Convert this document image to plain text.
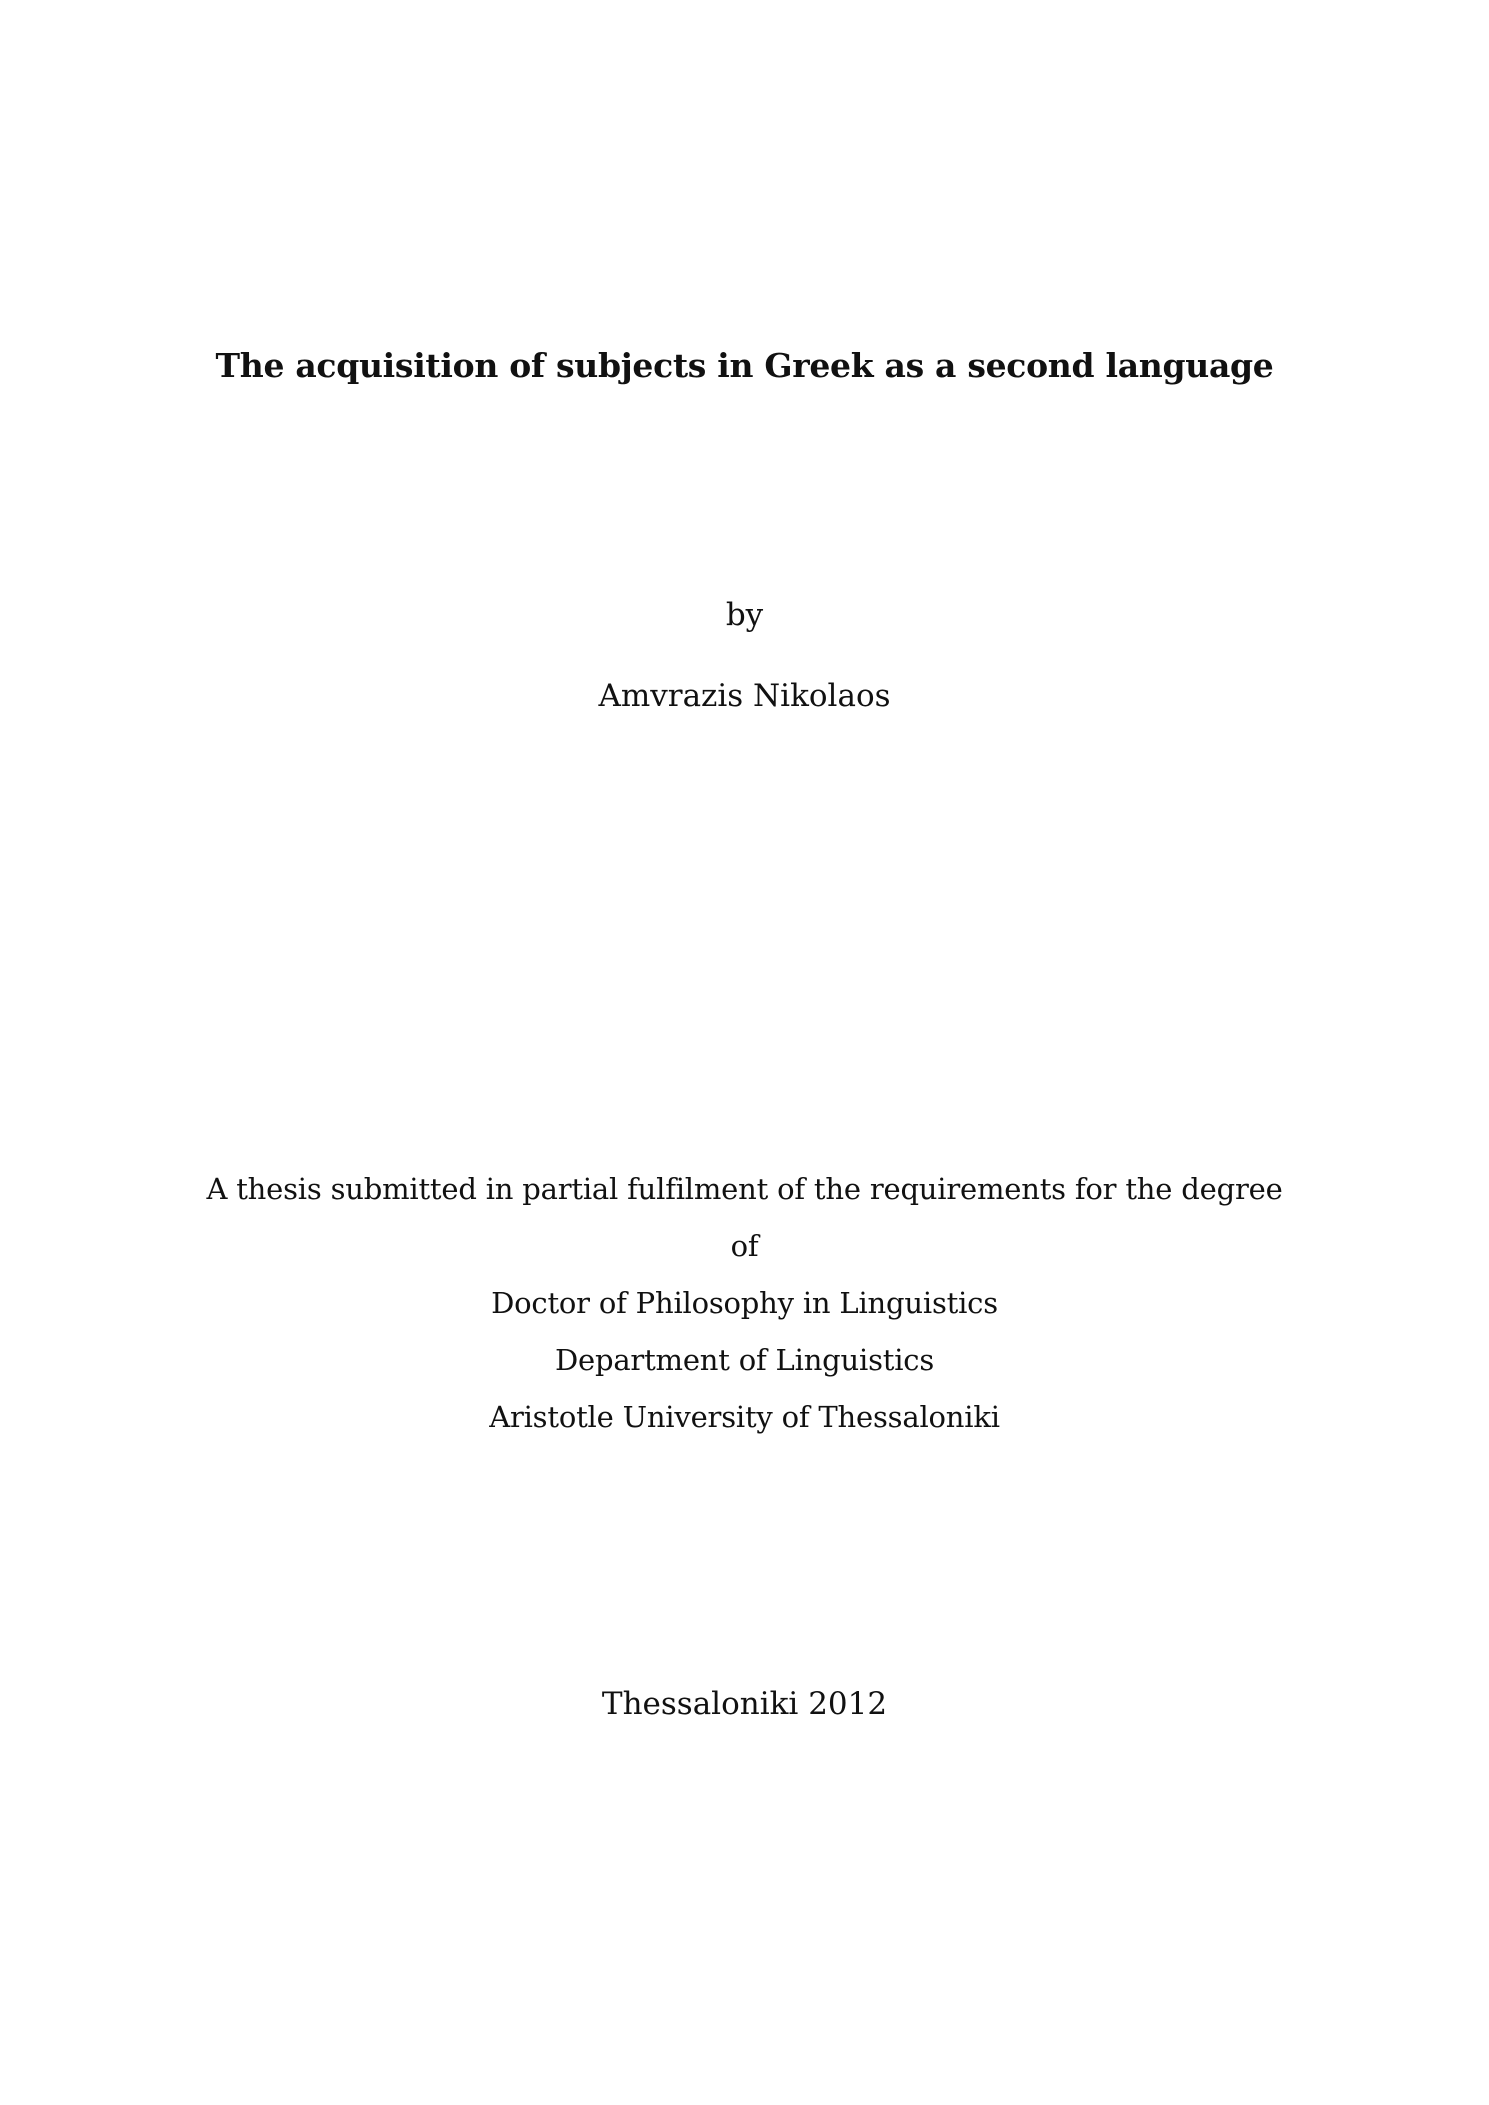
The acquisition of subjects in Greek as a second language
by
Amvrazis Nikolaos
A thesis submitted in partial fulfilment of the requirements for the degree
of
Doctor of Philosophy in Linguistics
Department of Linguistics
Aristotle University of Thessaloniki
Thessaloniki 2012
